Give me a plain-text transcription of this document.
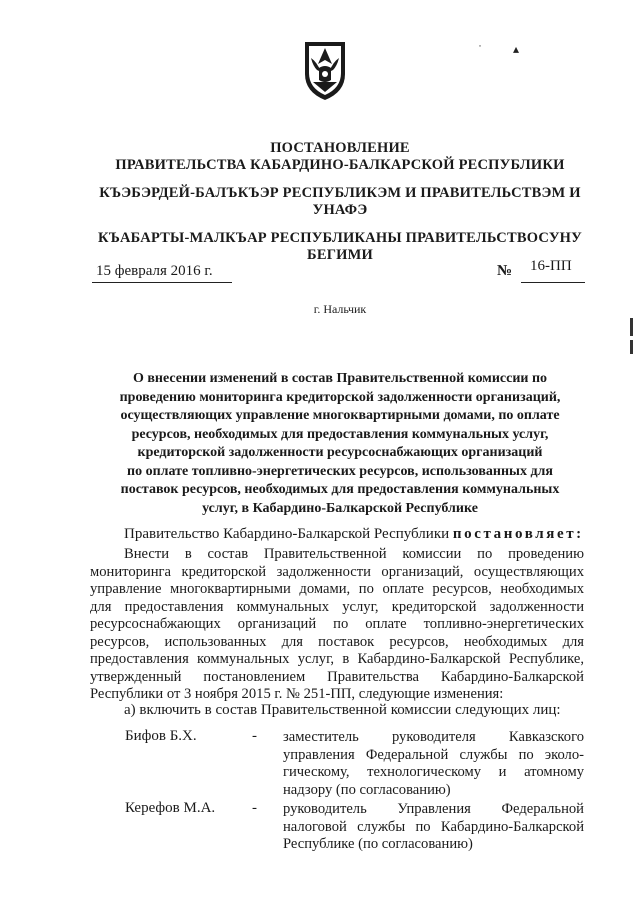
˙ ▴
ПОСТАНОВЛЕНИЕ
ПРАВИТЕЛЬСТВА КАБАРДИНО-БАЛКАРСКОЙ РЕСПУБЛИКИ
КЪЭБЭРДЕЙ-БАЛЪКЪЭР РЕСПУБЛИКЭМ И ПРАВИТЕЛЬСТВЭМ И
УНАФЭ
КЪАБАРТЫ-МАЛКЪАР РЕСПУБЛИКАНЫ ПРАВИТЕЛЬСТВОСУНУ
БЕГИМИ
15 февраля 2016 г.	№ 16-ПП
г. Нальчик
О внесении изменений в состав Правительственной комиссии по
проведению мониторинга кредиторской задолженности организаций,
осуществляющих управление многоквартирными домами, по оплате
ресурсов, необходимых для предоставления коммунальных услуг,
кредиторской задолженности ресурсоснабжающих организаций
по оплате топливно-энергетических ресурсов, использованных для
поставок ресурсов, необходимых для предоставления коммунальных
услуг, в Кабардино-Балкарской Республике
Правительство Кабардино-Балкарской Республики постановляет:
Внести в состав Правительственной комиссии по проведению
мониторинга кредиторской задолженности организаций, осуществляющих
управление многоквартирными домами, по оплате ресурсов, необходимых
для предоставления коммунальных услуг, кредиторской задолженности
ресурсоснабжающих организаций по оплате топливно-энергетических
ресурсов, использованных для поставок ресурсов, необходимых для
предоставления коммунальных услуг, в Кабардино-Балкарской Республике,
утвержденный постановлением Правительства Кабардино-Балкарской
Республики от 3 ноября 2015 г. № 251-ПП, следующие изменения:
а) включить в состав Правительственной комиссии следующих лиц:
Бифов Б.Х.	- заместитель руководителя Кавказского
управления Федеральной службы по эколо-
гическому, технологическому и атомному
надзору (по согласованию)
Керефов М.А. - руководитель Управления Федеральной
налоговой службы по Кабардино-Балкарской
Республике (по согласованию)
